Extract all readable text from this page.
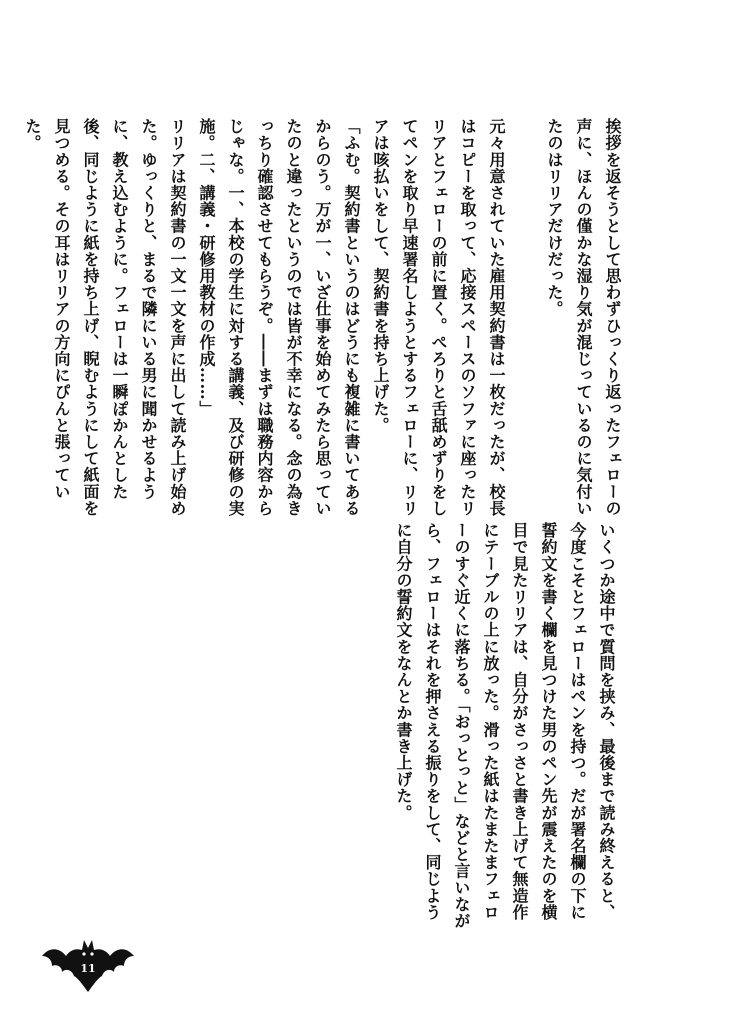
挨拶を返そうとして思わずひっくり返ったフェローの声に、ほんの僅かな湿り気が混じっているのに気付いたのはリリアだけだった。
元々用意されていた雇用契約書は一枚だったが、校長はコピーを取って、応接スペースのソファに座ったリリアとフェローの前に置く。ぺろりと舌舐めずりをしてペンを取り早速署名しようとするフェローに、リリアは咳払いをして、契約書を持ち上げた。
「ふむ。契約書というのはどうにも複雑に書いてあるからのう。万が一、いざ仕事を始めてみたら思っていたのと違ったというのでは皆が不幸になる。念の為きっちり確認させてもらうぞ。――まずは職務内容からじゃな。一、本校の学生に対する講義、及び研修の実施。二、講義・研修用教材の作成……」
リリアは契約書の一文一文を声に出して読み上げ始めた。ゆっくりと、まるで隣にいる男に聞かせるように、教え込むように。フェローは一瞬ぽかんとした後、同じように紙を持ち上げ、睨むようにして紙面を見つめる。その耳はリリアの方向にぴんと張っていた。
いくつか途中で質問を挟み、最後まで読み終えると、今度こそとフェローはペンを持つ。だが署名欄の下に誓約文を書く欄を見つけた男のペン先が震えたのを横目で見たリリアは、自分がさっさと書き上げて無造作にテーブルの上に放った。滑った紙はたまたまフェローのすぐ近くに落ちる。「おっとっと」などと言いながら、フェローはそれを押さえる振りをして、同じように自分の誓約文をなんとか書き上げた。
11
